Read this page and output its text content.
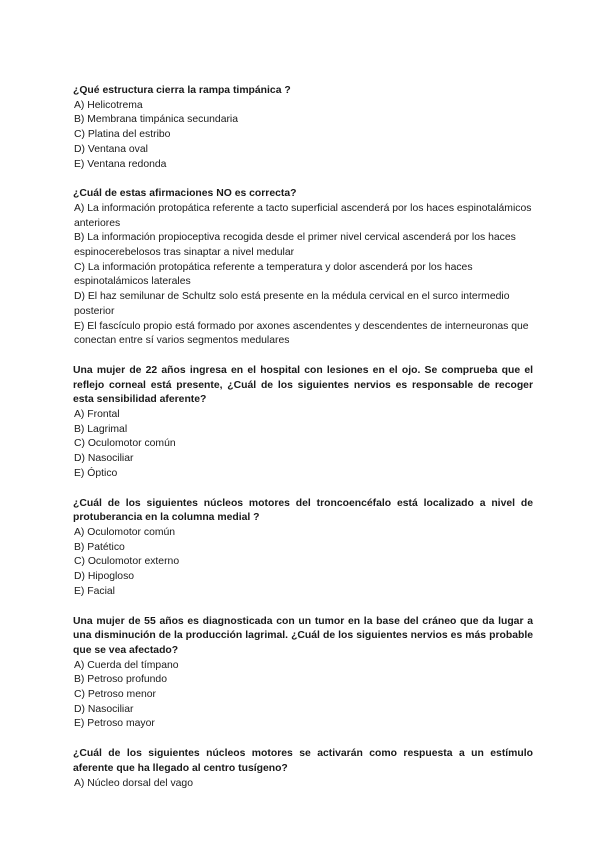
¿Qué estructura cierra la rampa timpánica ?

A) Helicotrema
B) Membrana timpánica secundaria
C) Platina del estribo
D) Ventana oval
E) Ventana redonda

¿Cuál de estas afirmaciones NO es correcta?

A) La información protopática referente a tacto superficial ascenderá por los haces espinotalámicos anteriores
B) La información propioceptiva recogida desde el primer nivel cervical ascenderá por los haces espinocerebelosos tras sinaptar a nivel medular
C) La información protopática referente a temperatura y dolor ascenderá por los haces espinotalámicos laterales
D) El haz semilunar de Schultz solo está presente en la médula cervical en el surco intermedio posterior
E) El fascículo propio está formado por axones ascendentes y descendentes de interneuronas que conectan entre sí varios segmentos medulares

Una mujer de 22 años ingresa en el hospital con lesiones en el ojo. Se comprueba que el reflejo corneal está presente, ¿Cuál de los siguientes nervios es responsable de recoger esta sensibilidad aferente?

A) Frontal
B) Lagrimal
C) Oculomotor común
D) Nasociliar
E) Óptico

¿Cuál de los siguientes núcleos motores del troncoencéfalo está localizado a nivel de protuberancia en la columna medial ?

A) Oculomotor común
B) Patético
C) Oculomotor externo
D) Hipogloso
E) Facial

Una mujer de 55 años es diagnosticada con un tumor en la base del cráneo que da lugar a una disminución de la producción lagrimal. ¿Cuál de los siguientes nervios es más probable que se vea afectado?

A) Cuerda del tímpano
B) Petroso profundo
C) Petroso menor
D) Nasociliar
E) Petroso mayor

¿Cuál de los siguientes núcleos motores se activarán como respuesta a un estímulo aferente que ha llegado al centro tusígeno?

A) Núcleo dorsal del vago
